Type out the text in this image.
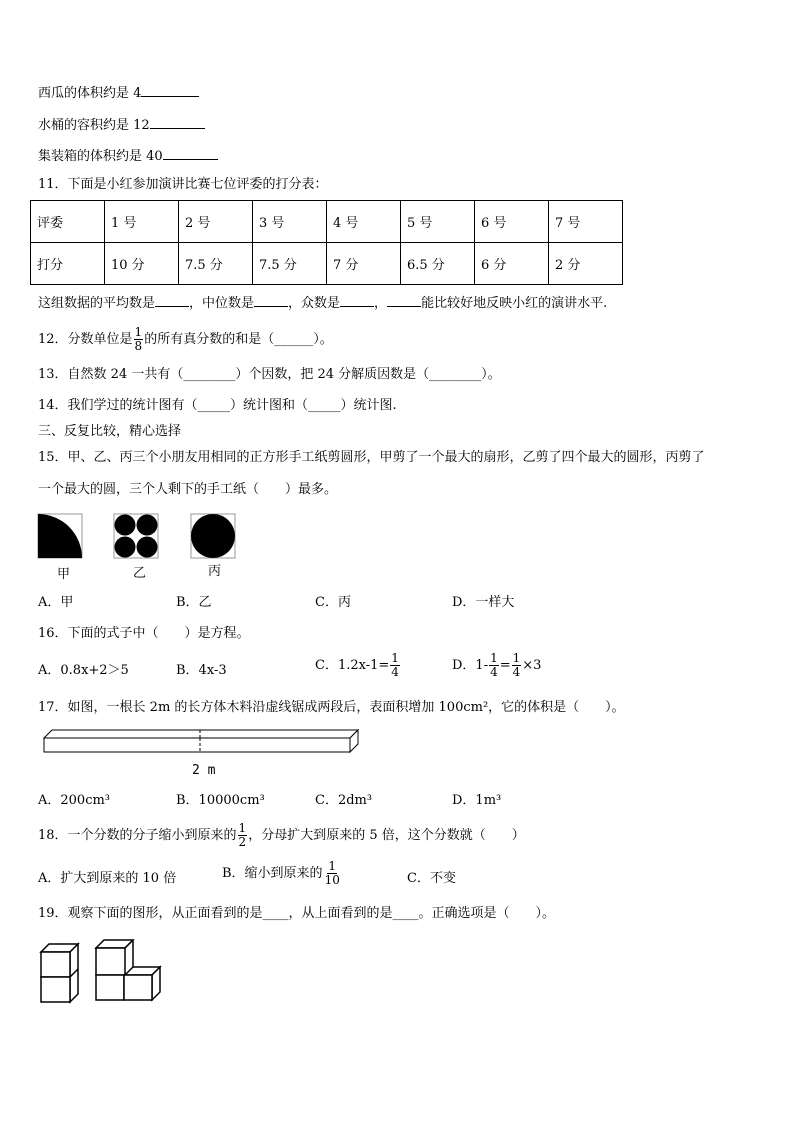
西瓜的体积约是 4
水桶的容积约是 12
集装箱的体积约是 40
11．下面是小红参加演讲比赛七位评委的打分表：
评委	1 号	2 号	3 号	4 号	5 号	6 号	7 号
打分	10 分	7.5 分	7.5 分	7 分	6.5 分	6 分	2 分
这组数据的平均数是	，中位数是	，众数是	，	能比较好地反映小红的演讲水平.
12．分数单位是 $\frac{1}{8}$ 的所有真分数的和是（______）。
13．自然数 24 一共有（________）个因数，把 24 分解质因数是（________）。
14．我们学过的统计图有（_____）统计图和（_____）统计图.
三、反复比较，精心选择
15．甲、乙、丙三个小朋友用相同的正方形手工纸剪圆形，甲剪了一个最大的扇形，乙剪了四个最大的圆形，丙剪了
一个最大的圆，三个人剩下的手工纸（　　）最多。
甲	乙	丙
A．甲	B．乙	C．丙	D．一样大
16．下面的式子中（　　）是方程。
A．0.8x+2＞5	B．4x-3	C．$1.2x-1= \frac{1}{4}$	D．$1- \frac{1}{4} = \frac{1}{4} \times 3$
17．如图，一根长 2m 的长方体木料沿虚线锯成两段后，表面积增加 100cm²，它的体积是（　　）。
2 m
A．200cm³	B．10000cm³	C．2dm³	D．1m³
18．一个分数的分子缩小到原来的 $\frac{1}{2}$ ，分母扩大到原来的 5 倍，这个分数就（　　）
A．扩大到原来的 10 倍	B．缩小到原来的 $\frac{1}{10}$	C．不变
19．观察下面的图形，从正面看到的是____，从上面看到的是____。正确选项是（　　）。
